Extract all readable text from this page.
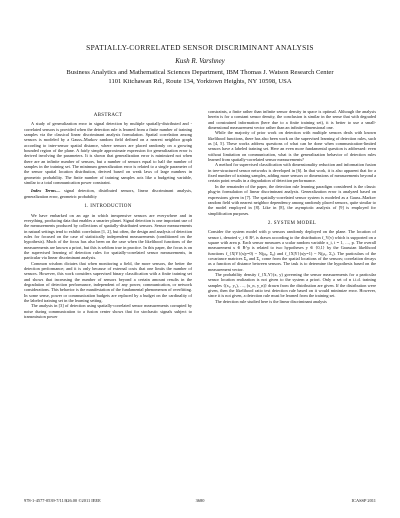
SPATIALLY-CORRELATED SENSOR DISCRIMINANT ANALYSIS
Kush R. Varshney
Business Analytics and Mathematical Sciences Department, IBM Thomas J. Watson Research Center
1101 Kitchawan Rd., Route 134, Yorktown Heights, NY 10598, USA
ABSTRACT
A study of generalization error in signal detection by multiple spatially-distributed and -correlated sensors is provided when the detection rule is learned from a finite number of training samples via the classical linear discriminant analysis formulation. Spatial correlation among sensors is modeled by a Gauss–Markov random field defined on a nearest neighbor graph according to inter-sensor spatial distance, where sensors are placed randomly on a growing bounded region of the plane. A fairly simple approximate expression for generalization error is derived involving the parameters. It is shown that generalization error is minimized not when there are an infinite number of sensors, but a number of sensors equal to half the number of samples in the training set. The minimum generalization error is related to a single parameter of the sensor spatial location distribution, derived based on weak laws of large numbers in geometric probability. The finite number of training samples acts like a budgeting variable, similar to a total communication power constraint.
Index Terms— signal detection, distributed sensors, linear discriminant analysis, generalization error, geometric probability
1. INTRODUCTION
We have embarked on an age in which inexpensive sensors are everywhere and in everything, producing data that enables a smarter planet. Signal detection is one important use of the measurements produced by collections of spatially-distributed sensors. Sensor measurements in natural settings tend to exhibit correlation [1, 2], but often, the design and analysis of detection rules for focused on the case of statistically independent measurements (conditioned on the hypothesis). Much of the focus has also been on the case when the likelihood functions of the measurements are known a priori, but this is seldom true in practice. In this paper, the focus is on the supervised learning of detection rules for spatially-correlated sensor measurements, in particular via linear discriminant analysis.
Common wisdom dictates that when monitoring a field, the more sensors, the better the detection performance; and it is only because of external costs that one limits the number of sensors. However, this work considers supervised binary classification with a finite training set and shows that increasing the number of sensors beyond a certain amount results in the degradation of detection performance, independent of any power, communication, or network considerations. This behavior is the manifestation of the fundamental phenomenon of overfitting. In some sense, power or communication budgets are replaced by a budget on the cardinality of the labeled training set in the learning setting.
The analysis in [3] of detection using spatially-correlated sensor measurements corrupted by noise during communication to a fusion center shows that for stochastic signals subject to transmission power
constraints, a finite rather than infinite sensor density in space is optimal. Although the analysis herein is for a constant sensor density, the conclusion is similar in the sense that with degraded and constrained information (here due to a finite training set), it is better to use a small-dimensional measurement vector rather than an infinite-dimensional one.
While the majority of prior work on detection with multiple sensors deals with known likelihood functions, there has also been work on the supervised learning of detection rules, such as [4, 5]. These works address questions of what can be done when communication-limited sensors have a labeled training set. Here an even more fundamental question is addressed: even without limitation on communication, what is the generalization behavior of detection rules learned from spatially-correlated sensor measurements?
A method for supervised classification with dimensionality reduction and information fusion in tree-structured sensor networks is developed in [6]. In that work, it is also apparent that for a fixed number of training samples, adding more sensors or dimensions of measurements beyond a certain point results in a degradation of detection performance.
In the remainder of the paper, the detection rule learning paradigm considered is the classic plug-in formulation of linear discriminant analysis. Generalization error is analyzed based on expressions given in [7]. The spatially-correlated sensor system is modeled as a Gauss–Markov random field with nearest neighbor dependency among randomly placed sensors, quite similar to the model employed in [8]. Like in [8], the asymptotic analysis of [9] is employed for simplification purposes.
2. SYSTEM MODEL
Consider the system model with p sensors randomly deployed on the plane. The location of sensor i, denoted v_i ∈ R², is drawn according to the distribution f_V(v) which is supported on a square with area p. Each sensor measures a scalar random variable x_i, i = 1, …, p. The overall measurement x ∈ R^p is related to two hypotheses y ∈ {0,1} by the Gaussian likelihood functions f_{X|Y}(x|y=0) ~ N(μ₀, Σ₀) and f_{X|Y}(x|y=1) ~ N(μ₁, Σ₁). The particulars of the covariance matrices Σ₀ and Σ₁ come from the spatial locations of the sensors; correlation decays as a function of distance between sensors. The task is to determine the hypothesis based on the measurement vector.
The probability density f_{X,Y}(x, y) governing the sensor measurements for a particular sensor location realization is not given to the system a priori. Only a set of n i.i.d. training samples {(x₁, y₁), …, (x_n, y_n)} drawn from the distribution are given. If the distribution were given, then the likelihood ratio test detection rule based on it would minimize error. However, since it is not given, a detection rule must be learned from the training set.
The detection rule studied here is the linear discriminant analysis
978-1-4577-0539-7/11/$26.00 ©2011 IEEE	3680	ICASSP 2011
